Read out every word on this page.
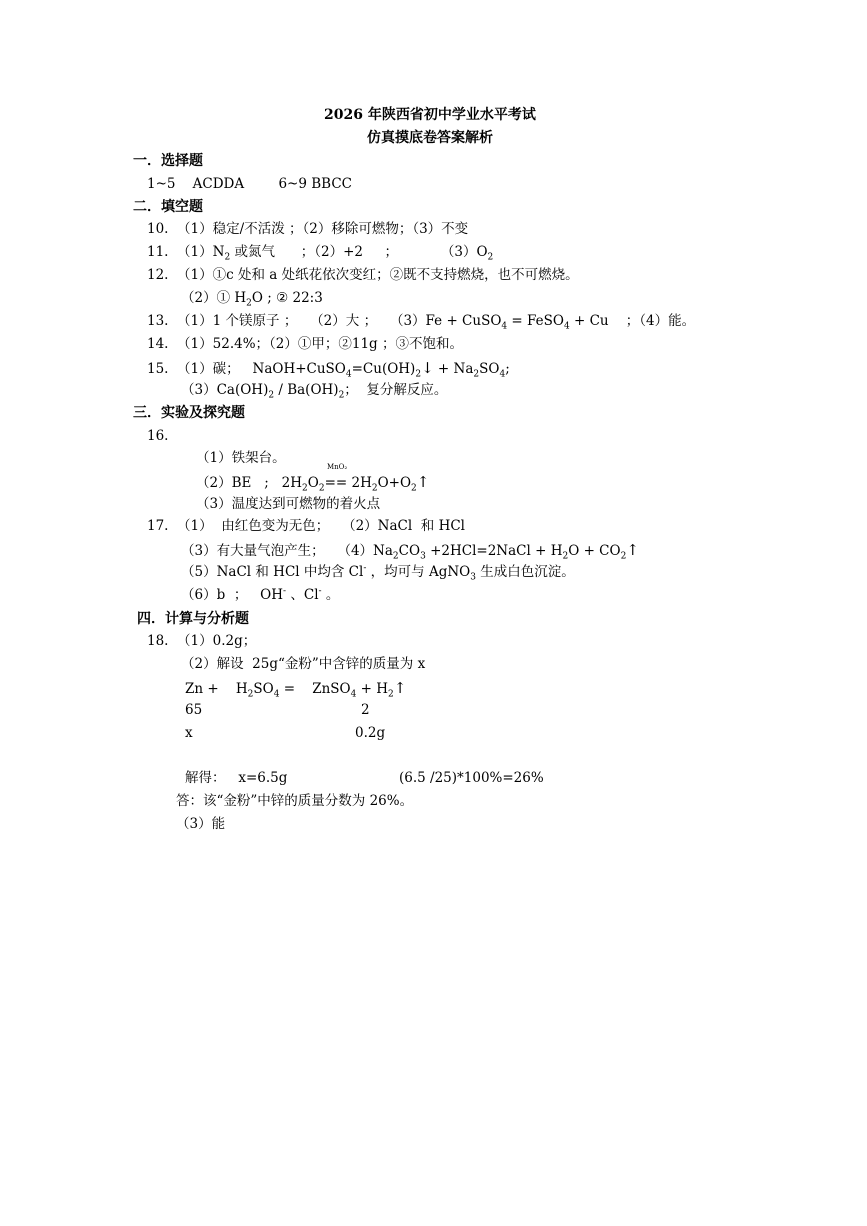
2026 年陕西省初中学业水平考试
仿真摸底卷答案解析
一．选择题
1~5    ACDDA        6~9 BBCC
二．填空题
10.  （1）稳定/不活泼 ；（2）移除可燃物；（3）不变
11.  $(1)N_2$ 或氮气      ；（2）+2     ；          $(3)O_2$
12.  （1）①c 处和 a 处纸花依次变红；②既不支持燃烧，也不可燃烧。
（2）① $H_2O$ ; ② 22:3
13.  （1）1 个镁原子 ；   （2）大 ；   （3）Fe + CuSO$_4$ = FeSO$_4$ + Cu    ；（4）能。
14.  （1）52.4%；（2）①甲；②11g ；③不饱和。
15.  （1）碳；   $NaOH+CuSO_4=Cu(OH)_2↓ + Na_2SO_4$;
$(3)Ca(OH)_2 / Ba(OH)_2$；  复分解反应。
三．实验及探究题
16.
（1）铁架台。
MnO₂
（2）BE   ;   $2H_2O_2==$ $2H_2O+O_2↑$
（3）温度达到可燃物的着火点
17.  （1）  由红色变为无色；   （2）NaCl  和 HCl
（3）有大量气泡产生；   $(4)Na_2CO_3$ +2HCl=2NaCl + $H_2O$ + $CO_2↑$
（5）NaCl 和 HCl 中均含 Cl- ，均可与 AgNO$_3$ 生成白色沉淀。
（6）b  ；   OH- 、Cl- 。
四．计算与分析题
18.  （1）0.2g；
（2）解设  25g“金粉”中含锌的质量为 x
Zn +    $H_2SO_4$ =    ZnSO$_4$ + $H_2↑$
65	2
x	0.2g
解得：   x=6.5g	(6.5 /25)*100%=26%
答：该“金粉”中锌的质量分数为 26%。
（3）能
